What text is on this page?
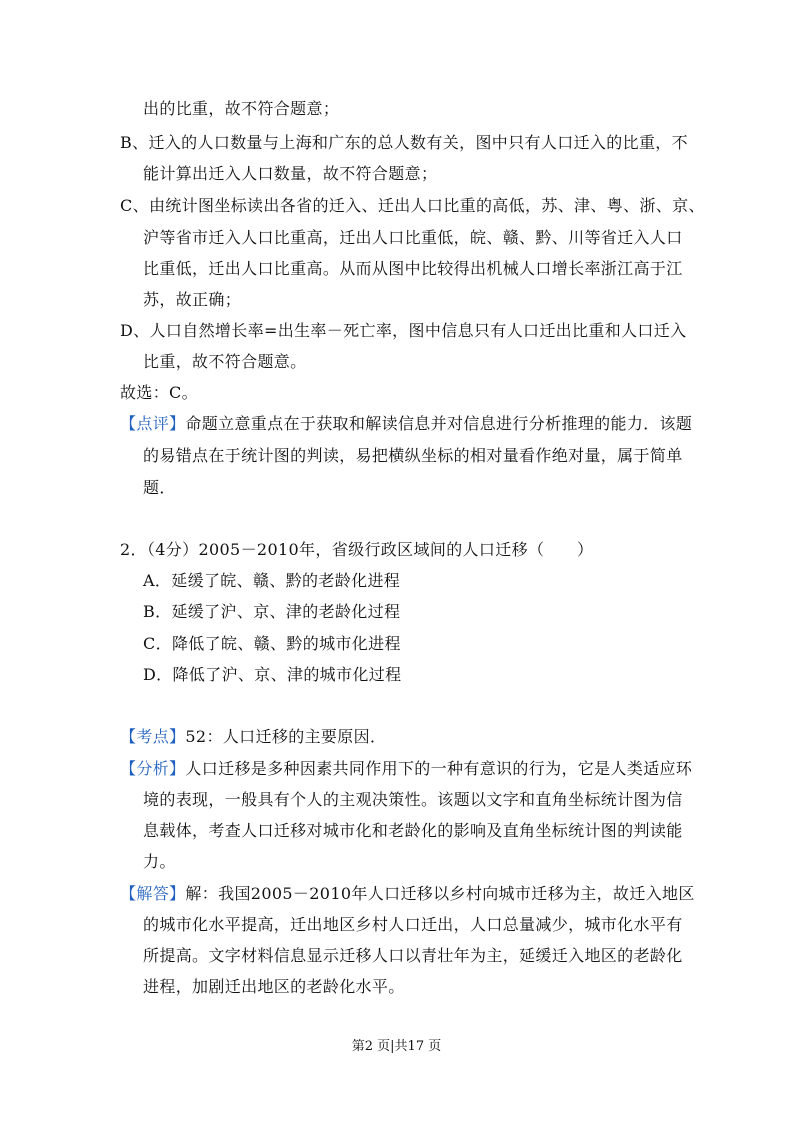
出的比重，故不符合题意；
B、迁入的人口数量与上海和广东的总人数有关，图中只有人口迁入的比重，不
能计算出迁入人口数量，故不符合题意；
C、由统计图坐标读出各省的迁入、迁出人口比重的高低，苏、津、粤、浙、京、
沪等省市迁入人口比重高，迁出人口比重低，皖、赣、黔、川等省迁入人口
比重低，迁出人口比重高。从而从图中比较得出机械人口增长率浙江高于江
苏，故正确；
D、人口自然增长率=出生率－死亡率，图中信息只有人口迁出比重和人口迁入
比重，故不符合题意。
故选：C。
【点评】命题立意重点在于获取和解读信息并对信息进行分析推理的能力．该题
的易错点在于统计图的判读，易把横纵坐标的相对量看作绝对量，属于简单
题．
2．（4分）2005－2010年，省级行政区域间的人口迁移（　　）
A．延缓了皖、赣、黔的老龄化进程
B．延缓了沪、京、津的老龄化过程
C．降低了皖、赣、黔的城市化进程
D．降低了沪、京、津的城市化过程
【考点】52：人口迁移的主要原因．
【分析】人口迁移是多种因素共同作用下的一种有意识的行为，它是人类适应环
境的表现，一般具有个人的主观决策性。该题以文字和直角坐标统计图为信
息载体，考查人口迁移对城市化和老龄化的影响及直角坐标统计图的判读能
力。
【解答】解：我国2005－2010年人口迁移以乡村向城市迁移为主，故迁入地区
的城市化水平提高，迁出地区乡村人口迁出，人口总量减少，城市化水平有
所提高。文字材料信息显示迁移人口以青壮年为主，延缓迁入地区的老龄化
进程，加剧迁出地区的老龄化水平。
第2 页|共17 页
